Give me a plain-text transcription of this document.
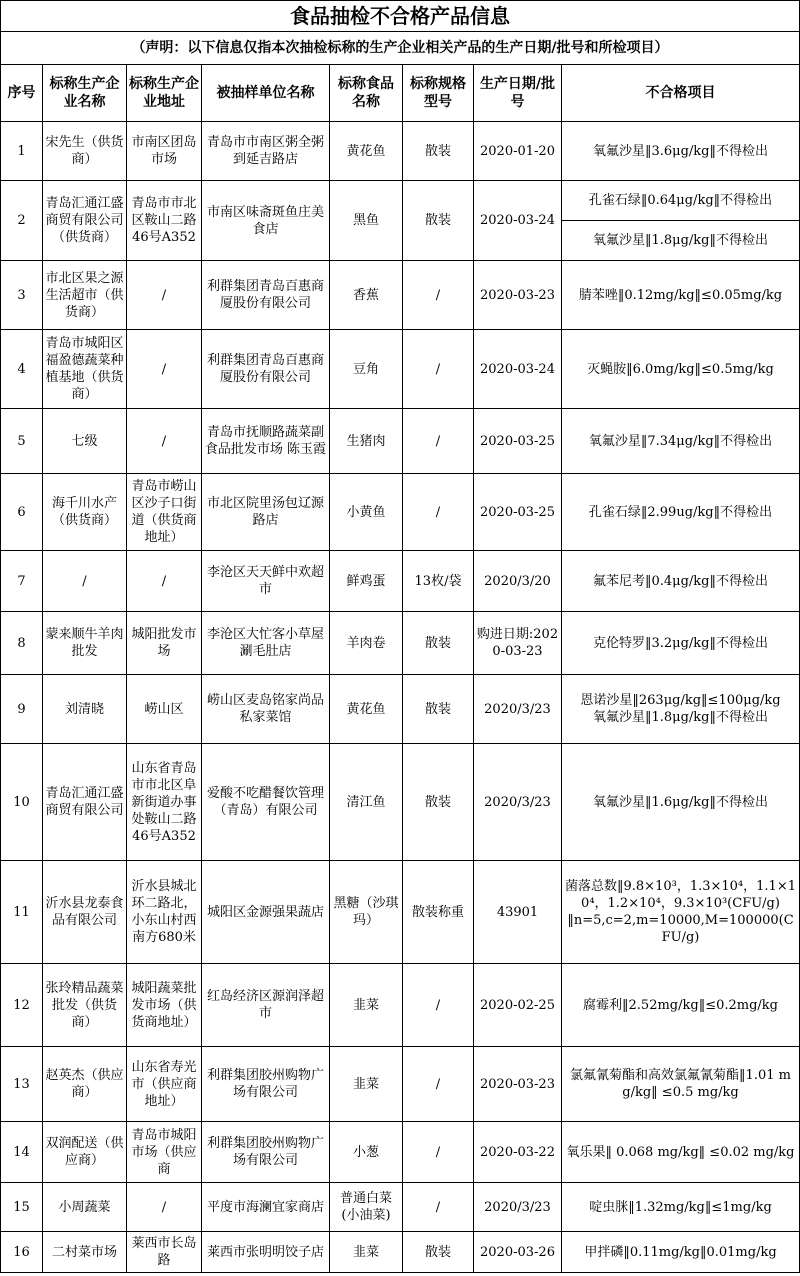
食品抽检不合格产品信息							
（声明：以下信息仅指本次抽检标称的生产企业相关产品的生产日期/批号和所检项目）							
序号	标称生产企业名称	标称生产企业地址	被抽样单位名称	标称食品名称	标称规格型号	生产日期/批号	不合格项目
1	宋先生（供货商）	市南区团岛市场	青岛市市南区粥全粥到延吉路店	黄花鱼	散装	2020-01-20	氧氟沙星‖3.6μg/kg‖不得检出
2	青岛汇通江盛商贸有限公司（供货商）	青岛市市北区鞍山二路46号A352	市南区味斋斑鱼庄美食店	黑鱼	散装	2020-03-24	孔雀石绿‖0.64μg/kg‖不得检出
							氧氟沙星‖1.8μg/kg‖不得检出
3	市北区果之源生活超市（供货商）	/	利群集团青岛百惠商厦股份有限公司	香蕉	/	2020-03-23	腈苯唑‖0.12mg/kg‖≤0.05mg/kg
4	青岛市城阳区福盈德蔬菜种植基地（供货商）	/	利群集团青岛百惠商厦股份有限公司	豆角	/	2020-03-24	灭蝇胺‖6.0mg/kg‖≤0.5mg/kg
5	七级	/	青岛市抚顺路蔬菜副食品批发市场 陈玉霞	生猪肉	/	2020-03-25	氧氟沙星‖7.34μg/kg‖不得检出
6	海千川水产（供货商）	青岛市崂山区沙子口街道（供货商地址）	市北区院里汤包辽源路店	小黄鱼	/	2020-03-25	孔雀石绿‖2.99ug/kg‖不得检出
7	/	/	李沧区天天鲜中欢超市	鲜鸡蛋	13枚/袋	2020/3/20	氟苯尼考‖0.4μg/kg‖不得检出
8	蒙来顺牛羊肉批发	城阳批发市场	李沧区大忙客小草屋涮毛肚店	羊肉卷	散装	购进日期:2020-03-23	克伦特罗‖3.2μg/kg‖不得检出
9	刘清晓	崂山区	崂山区麦岛铭家尚品私家菜馆	黄花鱼	散装	2020/3/23	恩诺沙星‖263μg/kg‖≤100μg/kg
氧氟沙星‖1.8μg/kg‖不得检出
10	青岛汇通江盛商贸有限公司	山东省青岛市市北区阜新街道办事处鞍山二路46号A352	爱酸不吃醋餐饮管理（青岛）有限公司	清江鱼	散装	2020/3/23	氧氟沙星‖1.6μg/kg‖不得检出
11	沂水县龙泰食品有限公司	沂水县城北环二路北，小东山村西南方680米	城阳区金源强果蔬店	黑糖（沙琪玛）	散装称重	43901	菌落总数‖9.8×10³，1.3×10⁴，1.1×10⁴，1.2×10⁴，9.3×10³(CFU/g)
‖n=5,c=2,m=10000,M=100000(CFU/g)
12	张玲精品蔬菜批发（供货商）	城阳蔬菜批发市场（供货商地址）	红岛经济区源润泽超市	韭菜	/	2020-02-25	腐霉利‖2.52mg/kg‖≤0.2mg/kg
13	赵英杰（供应商）	山东省寿光市（供应商地址）	利群集团胶州购物广场有限公司	韭菜	/	2020-03-23	氯氟氰菊酯和高效氯氟氰菊酯‖1.01 mg/kg‖ ≤0.5 mg/kg
14	双润配送（供应商）	青岛市城阳市场（供应商	利群集团胶州购物广场有限公司	小葱	/	2020-03-22	氧乐果‖ 0.068 mg/kg‖ ≤0.02 mg/kg
15	小周蔬菜	/	平度市海澜宜家商店	普通白菜(小油菜)	/	2020/3/23	啶虫脒‖1.32mg/kg‖≤1mg/kg
16	二村菜市场	莱西市长岛路	莱西市张明明饺子店	韭菜	散装	2020-03-26	甲拌磷‖0.11mg/kg‖0.01mg/kg
